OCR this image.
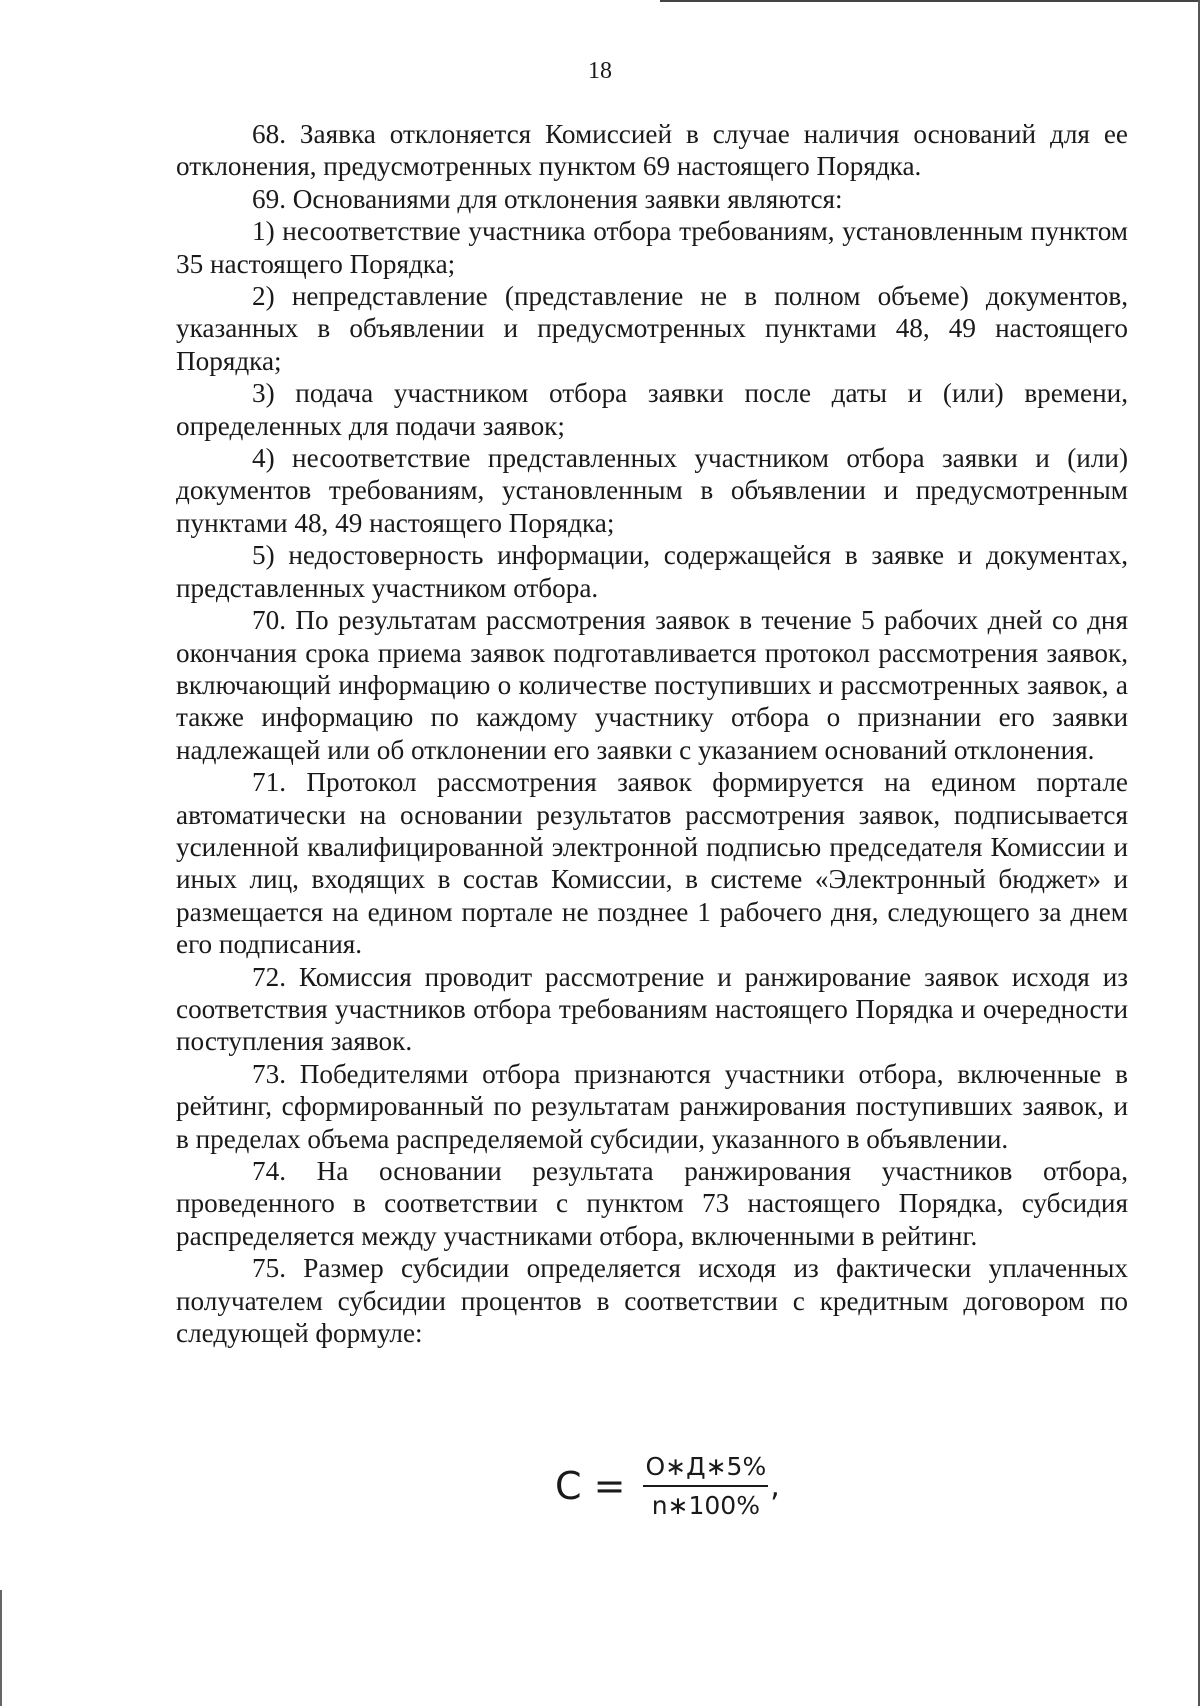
18

68. Заявка отклоняется Комиссией в случае наличия оснований для ее отклонения, предусмотренных пунктом 69 настоящего Порядка.

69. Основаниями для отклонения заявки являются:

1) несоответствие участника отбора требованиям, установленным пунктом 35 настоящего Порядка;

2) непредставление (представление не в полном объеме) документов, указанных в объявлении и предусмотренных пунктами 48, 49 настоящего Порядка;

3) подача участником отбора заявки после даты и (или) времени, определенных для подачи заявок;

4) несоответствие представленных участником отбора заявки и (или) документов требованиям, установленным в объявлении и предусмотренным пунктами 48, 49 настоящего Порядка;

5) недостоверность информации, содержащейся в заявке и документах, представленных участником отбора.

70. По результатам рассмотрения заявок в течение 5 рабочих дней со дня окончания срока приема заявок подготавливается протокол рассмотрения заявок, включающий информацию о количестве поступивших и рассмотренных заявок, а также информацию по каждому участнику отбора о признании его заявки надлежащей или об отклонении его заявки с указанием оснований отклонения.

71. Протокол рассмотрения заявок формируется на едином портале автоматически на основании результатов рассмотрения заявок, подписывается усиленной квалифицированной электронной подписью председателя Комиссии и иных лиц, входящих в состав Комиссии, в системе «Электронный бюджет» и размещается на едином портале не позднее 1 рабочего дня, следующего за днем его подписания.

72. Комиссия проводит рассмотрение и ранжирование заявок исходя из соответствия участников отбора требованиям настоящего Порядка и очередности поступления заявок.

73. Победителями отбора признаются участники отбора, включенные в рейтинг, сформированный по результатам ранжирования поступивших заявок, и в пределах объема распределяемой субсидии, указанного в объявлении.

74. На основании результата ранжирования участников отбора, проведенного в соответствии с пунктом 73 настоящего Порядка, субсидия распределяется между участниками отбора, включенными в рейтинг.

75. Размер субсидии определяется исходя из фактически уплаченных получателем субсидии процентов в соответствии с кредитным договором по следующей формуле:

$С = \frac{О∗Д∗5\%}{n∗100\%}$ ,
